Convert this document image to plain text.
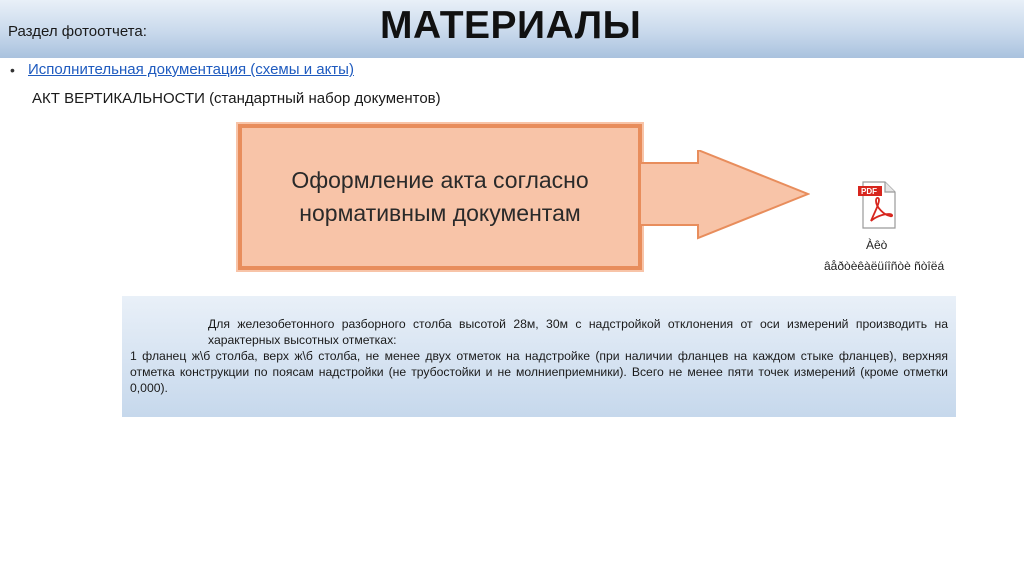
Раздел фотоотчета:	МАТЕРИАЛЫ
• Исполнительная документация (схемы и акты)
АКТ ВЕРТИКАЛЬНОСТИ (стандартный набор документов)
Оформление акта согласно
нормативным документам
PDF
Àêò
âåðòèêàëüíîñòè ñòîëá

Для железобетонного разборного столба высотой 28м, 30м с надстройкой отклонения от оси измерений производить на характерных высотных отметках:

1 фланец ж\б столба, верх ж\б столба, не менее двух отметок на надстройке (при наличии фланцев на каждом стыке фланцев), верхняя отметка конструкции по поясам надстройки (не трубостойки и не молниеприемники). Всего не менее пяти точек измерений (кроме отметки 0,000).
